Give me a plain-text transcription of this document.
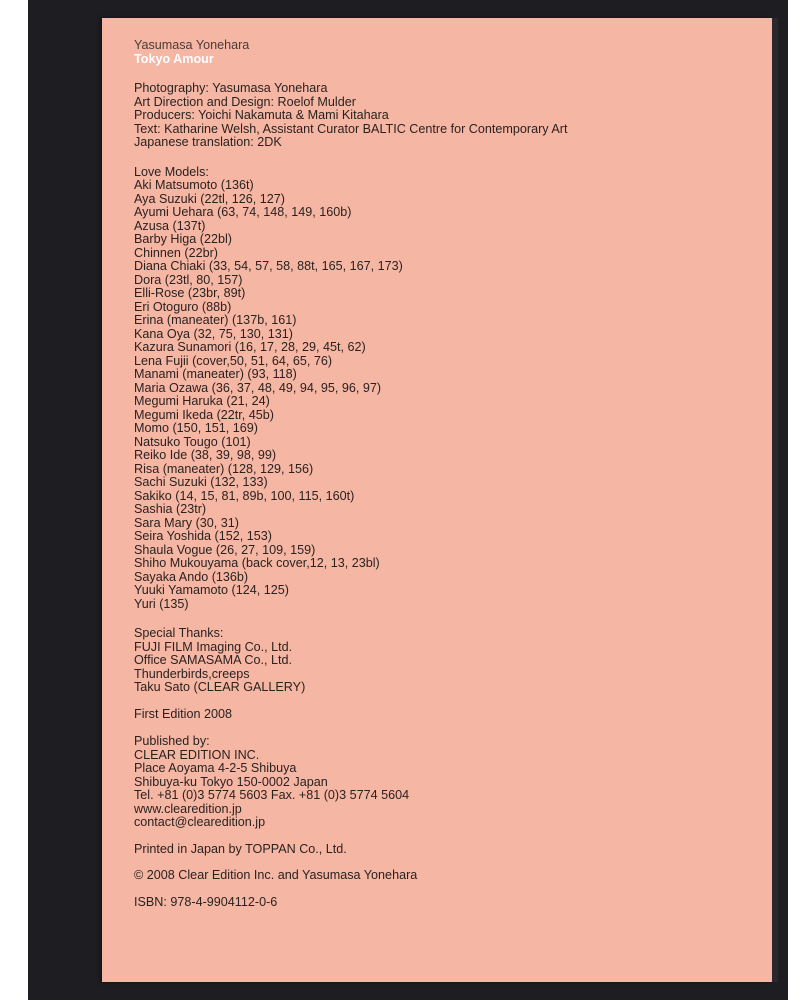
Yasumasa Yonehara
Tokyo Amour
Photography: Yasumasa Yonehara
Art Direction and Design: Roelof Mulder
Producers: Yoichi Nakamuta & Mami Kitahara
Text: Katharine Welsh, Assistant Curator BALTIC Centre for Contemporary Art
Japanese translation: 2DK
Love Models:
Aki Matsumoto (136t)
Aya Suzuki (22tl, 126, 127)
Ayumi Uehara (63, 74, 148, 149, 160b)
Azusa (137t)
Barby Higa (22bl)
Chinnen (22br)
Diana Chiaki (33, 54, 57, 58, 88t, 165, 167, 173)
Dora (23tl, 80, 157)
Elli-Rose (23br, 89t)
Eri Otoguro (88b)
Erina (maneater) (137b, 161)
Kana Oya (32, 75, 130, 131)
Kazura Sunamori (16, 17, 28, 29, 45t, 62)
Lena Fujii (cover,50, 51, 64, 65, 76)
Manami (maneater) (93, 118)
Maria Ozawa (36, 37, 48, 49, 94, 95, 96, 97)
Megumi Haruka (21, 24)
Megumi Ikeda (22tr, 45b)
Momo (150, 151, 169)
Natsuko Tougo (101)
Reiko Ide (38, 39, 98, 99)
Risa (maneater) (128, 129, 156)
Sachi Suzuki (132, 133)
Sakiko (14, 15, 81, 89b, 100, 115, 160t)
Sashia (23tr)
Sara Mary (30, 31)
Seira Yoshida (152, 153)
Shaula Vogue (26, 27, 109, 159)
Shiho Mukouyama (back cover,12, 13, 23bl)
Sayaka Ando (136b)
Yuuki Yamamoto (124, 125)
Yuri (135)
Special Thanks:
FUJI FILM Imaging Co., Ltd.
Office SAMASAMA Co., Ltd.
Thunderbirds,creeps
Taku Sato (CLEAR GALLERY)
First Edition 2008
Published by:
CLEAR EDITION INC.
Place Aoyama 4-2-5 Shibuya
Shibuya-ku Tokyo 150-0002 Japan
Tel. +81 (0)3 5774 5603 Fax. +81 (0)3 5774 5604
www.clearedition.jp
contact@clearedition.jp
Printed in Japan by TOPPAN Co., Ltd.
© 2008 Clear Edition Inc. and Yasumasa Yonehara
ISBN: 978-4-9904112-0-6
